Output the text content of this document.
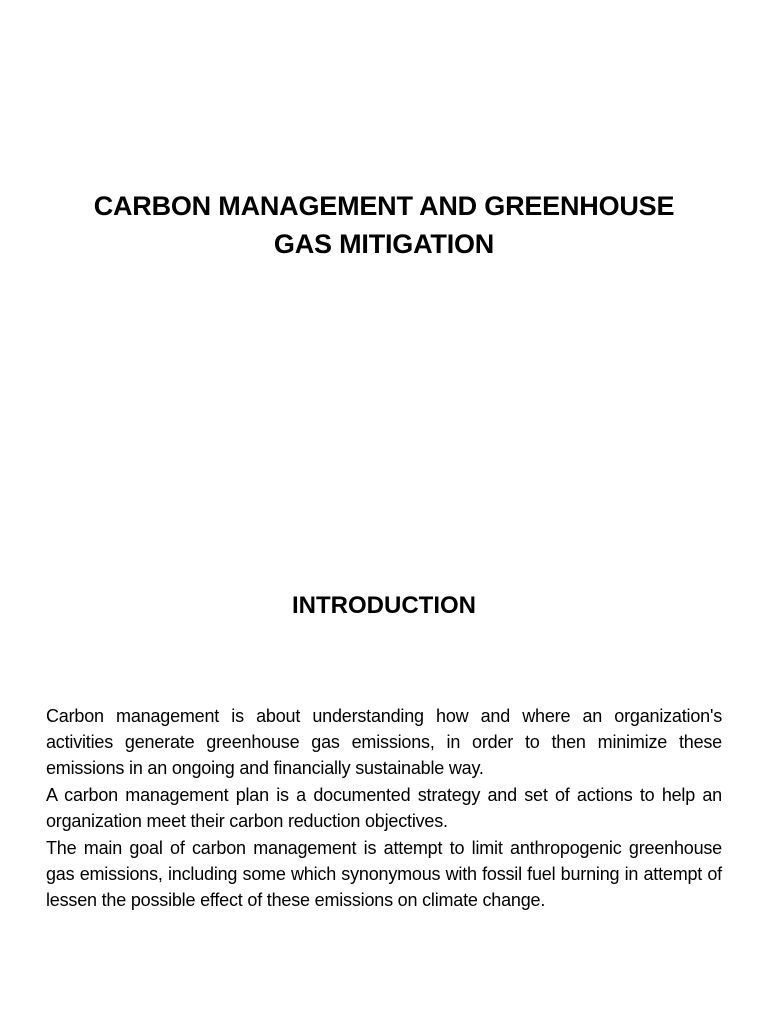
CARBON MANAGEMENT AND GREENHOUSE
GAS MITIGATION
INTRODUCTION

Carbon management is about understanding how and where an organization's activities generate greenhouse gas emissions, in order to then minimize these emissions in an ongoing and financially sustainable way.

A carbon management plan is a documented strategy and set of actions to help an organization meet their carbon reduction objectives.

The main goal of carbon management is attempt to limit anthropogenic greenhouse gas emissions, including some which synonymous with fossil fuel burning in attempt of lessen the possible effect of these emissions on climate change.
